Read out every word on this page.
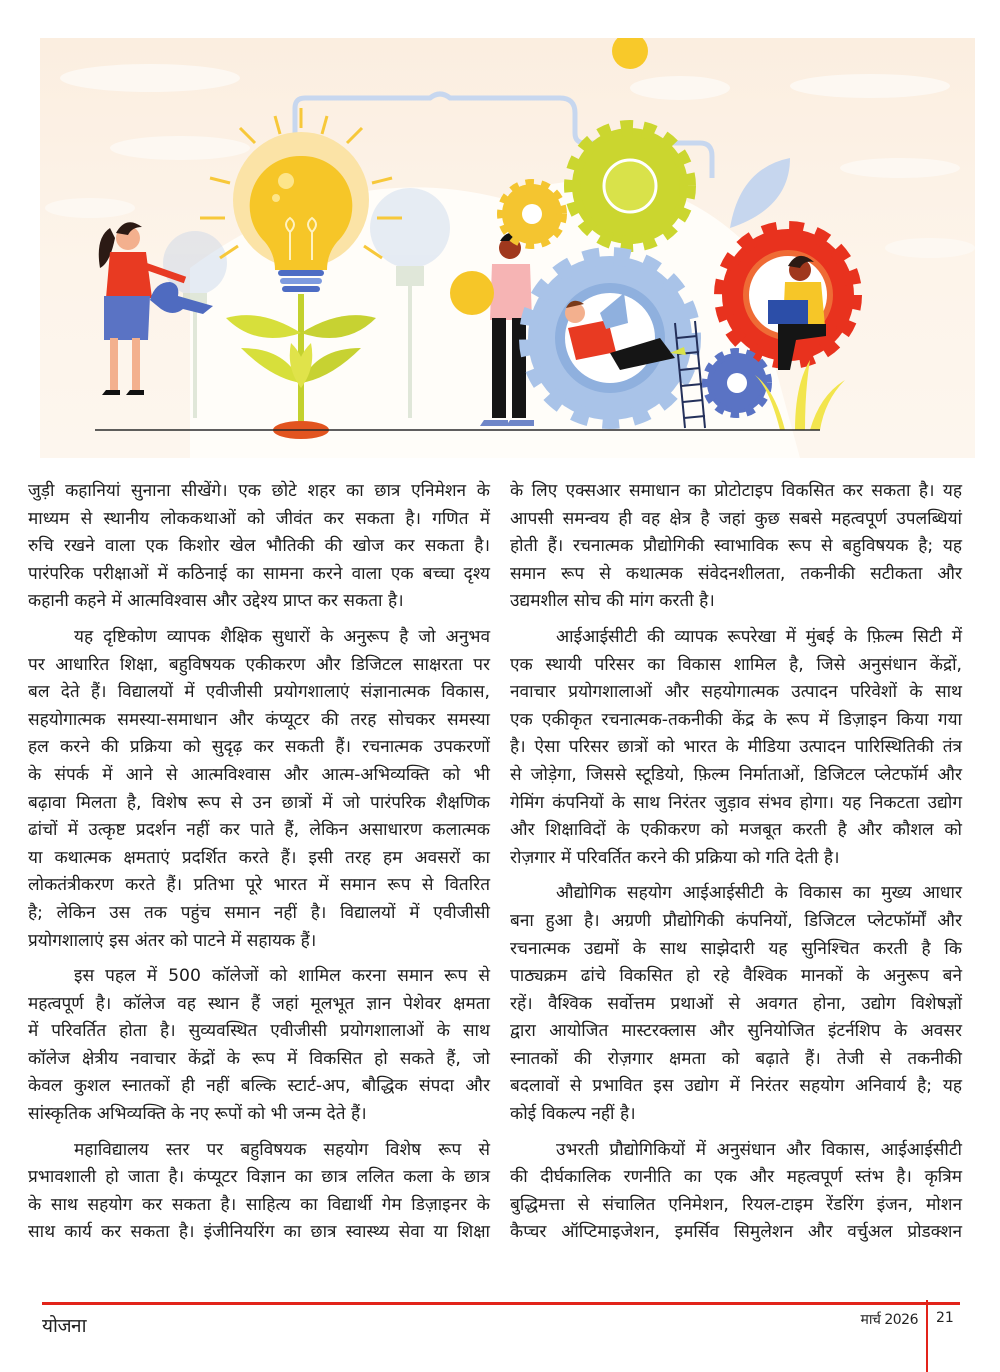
जुड़ी कहानियां सुनाना सीखेंगे। एक छोटे शहर का छात्र एनिमेशन के
माध्यम से स्थानीय लोककथाओं को जीवंत कर सकता है। गणित में
रुचि रखने वाला एक किशोर खेल भौतिकी की खोज कर सकता है।
पारंपरिक परीक्षाओं में कठिनाई का सामना करने वाला एक बच्चा दृश्य
कहानी कहने में आत्मविश्वास और उद्देश्य प्राप्त कर सकता है।

यह दृष्टिकोण व्यापक शैक्षिक सुधारों के अनुरूप है जो अनुभव
पर आधारित शिक्षा, बहुविषयक एकीकरण और डिजिटल साक्षरता पर
बल देते हैं। विद्यालयों में एवीजीसी प्रयोगशालाएं संज्ञानात्मक विकास,
सहयोगात्मक समस्या-समाधान और कंप्यूटर की तरह सोचकर समस्या
हल करने की प्रक्रिया को सुदृढ़ कर सकती हैं। रचनात्मक उपकरणों
के संपर्क में आने से आत्मविश्वास और आत्म-अभिव्यक्ति को भी
बढ़ावा मिलता है, विशेष रूप से उन छात्रों में जो पारंपरिक शैक्षणिक
ढांचों में उत्कृष्ट प्रदर्शन नहीं कर पाते हैं, लेकिन असाधारण कलात्मक
या कथात्मक क्षमताएं प्रदर्शित करते हैं। इसी तरह हम अवसरों का
लोकतंत्रीकरण करते हैं। प्रतिभा पूरे भारत में समान रूप से वितरित
है; लेकिन उस तक पहुंच समान नहीं है। विद्यालयों में एवीजीसी
प्रयोगशालाएं इस अंतर को पाटने में सहायक हैं।

इस पहल में 500 कॉलेजों को शामिल करना समान रूप से
महत्वपूर्ण है। कॉलेज वह स्थान हैं जहां मूलभूत ज्ञान पेशेवर क्षमता
में परिवर्तित होता है। सुव्यवस्थित एवीजीसी प्रयोगशालाओं के साथ
कॉलेज क्षेत्रीय नवाचार केंद्रों के रूप में विकसित हो सकते हैं, जो
केवल कुशल स्नातकों ही नहीं बल्कि स्टार्ट-अप, बौद्धिक संपदा और
सांस्कृतिक अभिव्यक्ति के नए रूपों को भी जन्म देते हैं।

महाविद्यालय स्तर पर बहुविषयक सहयोग विशेष रूप से
प्रभावशाली हो जाता है। कंप्यूटर विज्ञान का छात्र ललित कला के छात्र
के साथ सहयोग कर सकता है। साहित्य का विद्यार्थी गेम डिज़ाइनर के
साथ कार्य कर सकता है। इंजीनियरिंग का छात्र स्वास्थ्य सेवा या शिक्षा

के लिए एक्सआर समाधान का प्रोटोटाइप विकसित कर सकता है। यह
आपसी समन्वय ही वह क्षेत्र है जहां कुछ सबसे महत्वपूर्ण उपलब्धियां
होती हैं। रचनात्मक प्रौद्योगिकी स्वाभाविक रूप से बहुविषयक है; यह
समान रूप से कथात्मक संवेदनशीलता, तकनीकी सटीकता और
उद्यमशील सोच की मांग करती है।

आईआईसीटी की व्यापक रूपरेखा में मुंबई के फ़िल्म सिटी में
एक स्थायी परिसर का विकास शामिल है, जिसे अनुसंधान केंद्रों,
नवाचार प्रयोगशालाओं और सहयोगात्मक उत्पादन परिवेशों के साथ
एक एकीकृत रचनात्मक-तकनीकी केंद्र के रूप में डिज़ाइन किया गया
है। ऐसा परिसर छात्रों को भारत के मीडिया उत्पादन पारिस्थितिकी तंत्र
से जोड़ेगा, जिससे स्टूडियो, फ़िल्म निर्माताओं, डिजिटल प्लेटफॉर्म और
गेमिंग कंपनियों के साथ निरंतर जुड़ाव संभव होगा। यह निकटता उद्योग
और शिक्षाविदों के एकीकरण को मजबूत करती है और कौशल को
रोज़गार में परिवर्तित करने की प्रक्रिया को गति देती है।

औद्योगिक सहयोग आईआईसीटी के विकास का मुख्य आधार
बना हुआ है। अग्रणी प्रौद्योगिकी कंपनियों, डिजिटल प्लेटफॉर्मों और
रचनात्मक उद्यमों के साथ साझेदारी यह सुनिश्चित करती है कि
पाठ्यक्रम ढांचे विकसित हो रहे वैश्विक मानकों के अनुरूप बने
रहें। वैश्विक सर्वोत्तम प्रथाओं से अवगत होना, उद्योग विशेषज्ञों
द्वारा आयोजित मास्टरक्लास और सुनियोजित इंटर्नशिप के अवसर
स्नातकों की रोज़गार क्षमता को बढ़ाते हैं। तेजी से तकनीकी
बदलावों से प्रभावित इस उद्योग में निरंतर सहयोग अनिवार्य है; यह
कोई विकल्प नहीं है।

उभरती प्रौद्योगिकियों में अनुसंधान और विकास, आईआईसीटी
की दीर्घकालिक रणनीति का एक और महत्वपूर्ण स्तंभ है। कृत्रिम
बुद्धिमत्ता से संचालित एनिमेशन, रियल-टाइम रेंडरिंग इंजन, मोशन
कैप्चर ऑप्टिमाइजेशन, इमर्सिव सिमुलेशन और वर्चुअल प्रोडक्शन

योजना	मार्च 2026 21
